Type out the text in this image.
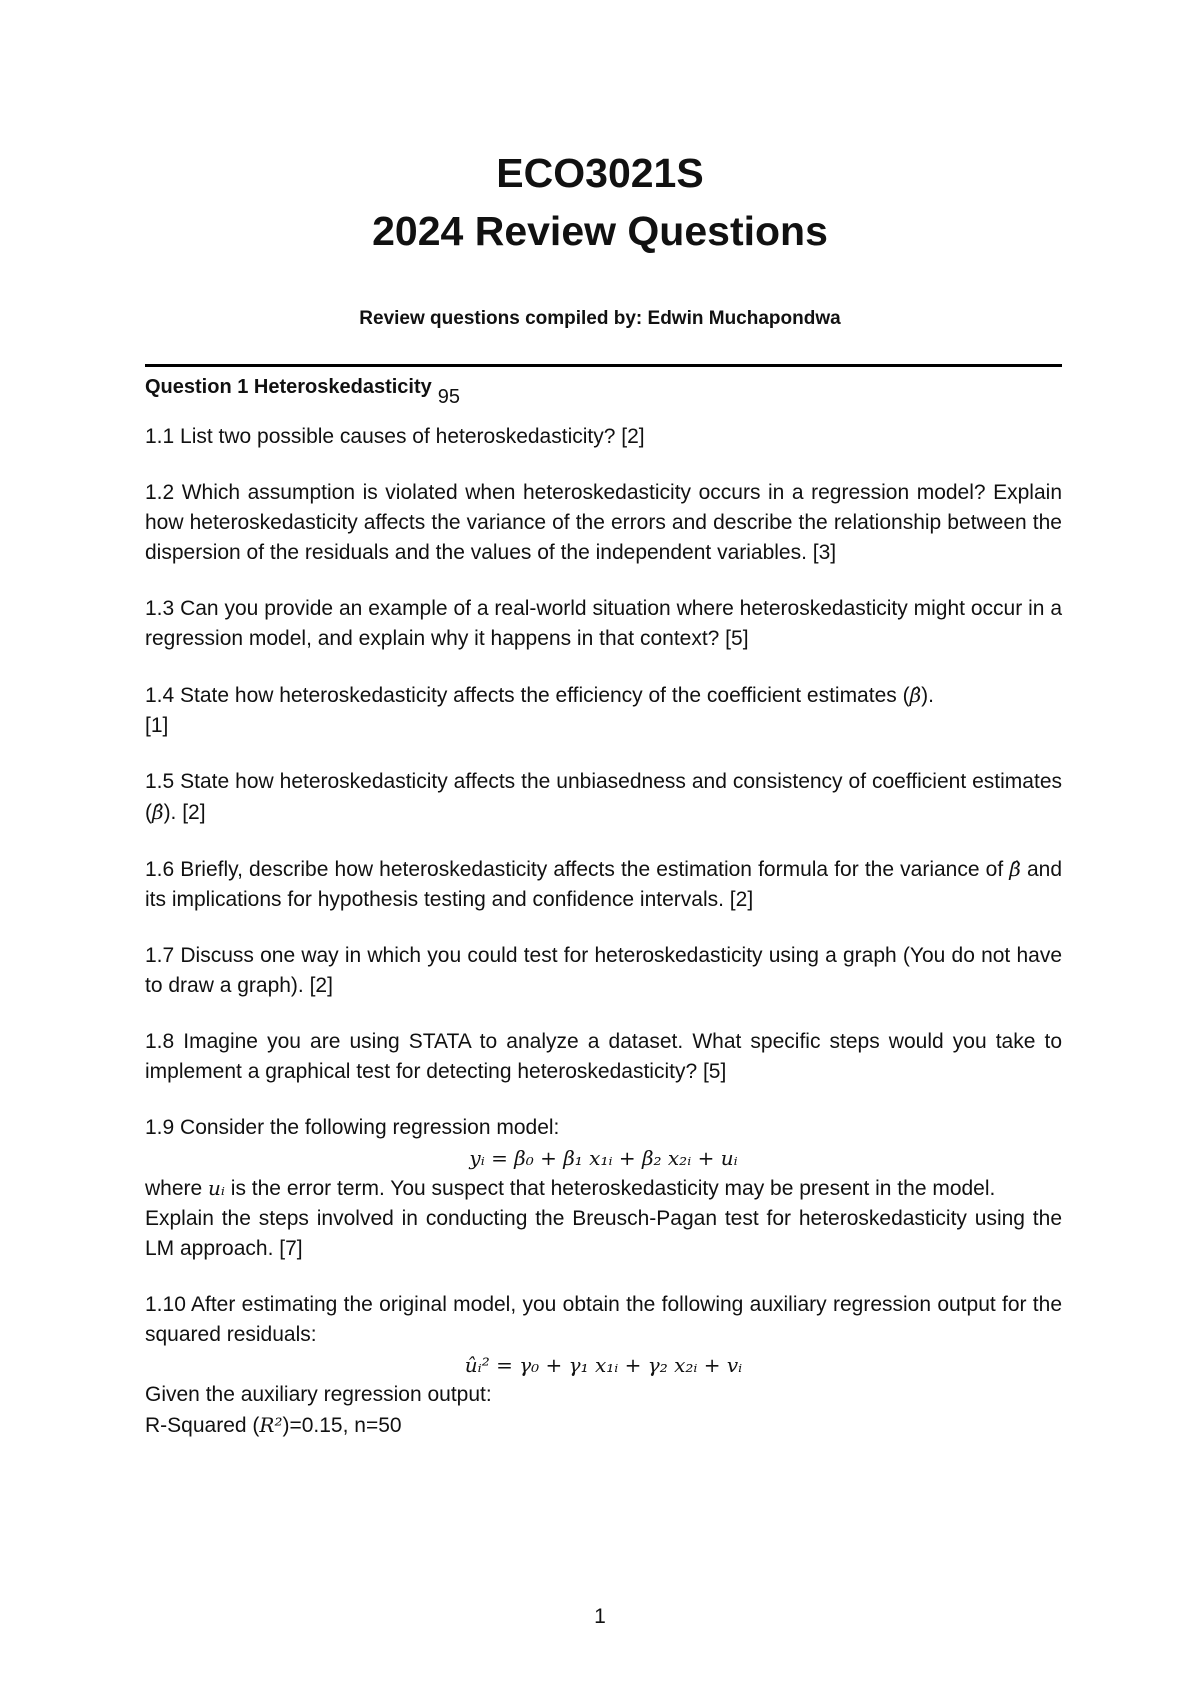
ECO3021S
2024 Review Questions
Review questions compiled by: Edwin Muchapondwa

Question 1 Heteroskedasticity 95

1.1 List two possible causes of heteroskedasticity? [2]

1.2 Which assumption is violated when heteroskedasticity occurs in a regression model? Explain how heteroskedasticity affects the variance of the errors and describe the relationship between the dispersion of the residuals and the values of the independent variables. [3]

1.3 Can you provide an example of a real-world situation where heteroskedasticity might occur in a regression model, and explain why it happens in that context? [5]

1.4 State how heteroskedasticity affects the efficiency of the coefficient estimates (β̂).
[1]

1.5 State how heteroskedasticity affects the unbiasedness and consistency of coefficient estimates (β̂). [2]

1.6 Briefly, describe how heteroskedasticity affects the estimation formula for the variance of β̂ and its implications for hypothesis testing and confidence intervals. [2]

1.7 Discuss one way in which you could test for heteroskedasticity using a graph (You do not have to draw a graph). [2]

1.8 Imagine you are using STATA to analyze a dataset. What specific steps would you take to implement a graphical test for detecting heteroskedasticity? [5]

1.9 Consider the following regression model:

yᵢ = β₀ + β₁ x₁ᵢ + β₂ x₂ᵢ + uᵢ

where uᵢ is the error term. You suspect that heteroskedasticity may be present in the model.

Explain the steps involved in conducting the Breusch-Pagan test for heteroskedasticity using the LM approach. [7]

1.10 After estimating the original model, you obtain the following auxiliary regression output for the squared residuals:

ûᵢ² = γ₀ + γ₁ x₁ᵢ + γ₂ x₂ᵢ + vᵢ

Given the auxiliary regression output:

R-Squared (R²)=0.15, n=50

1
